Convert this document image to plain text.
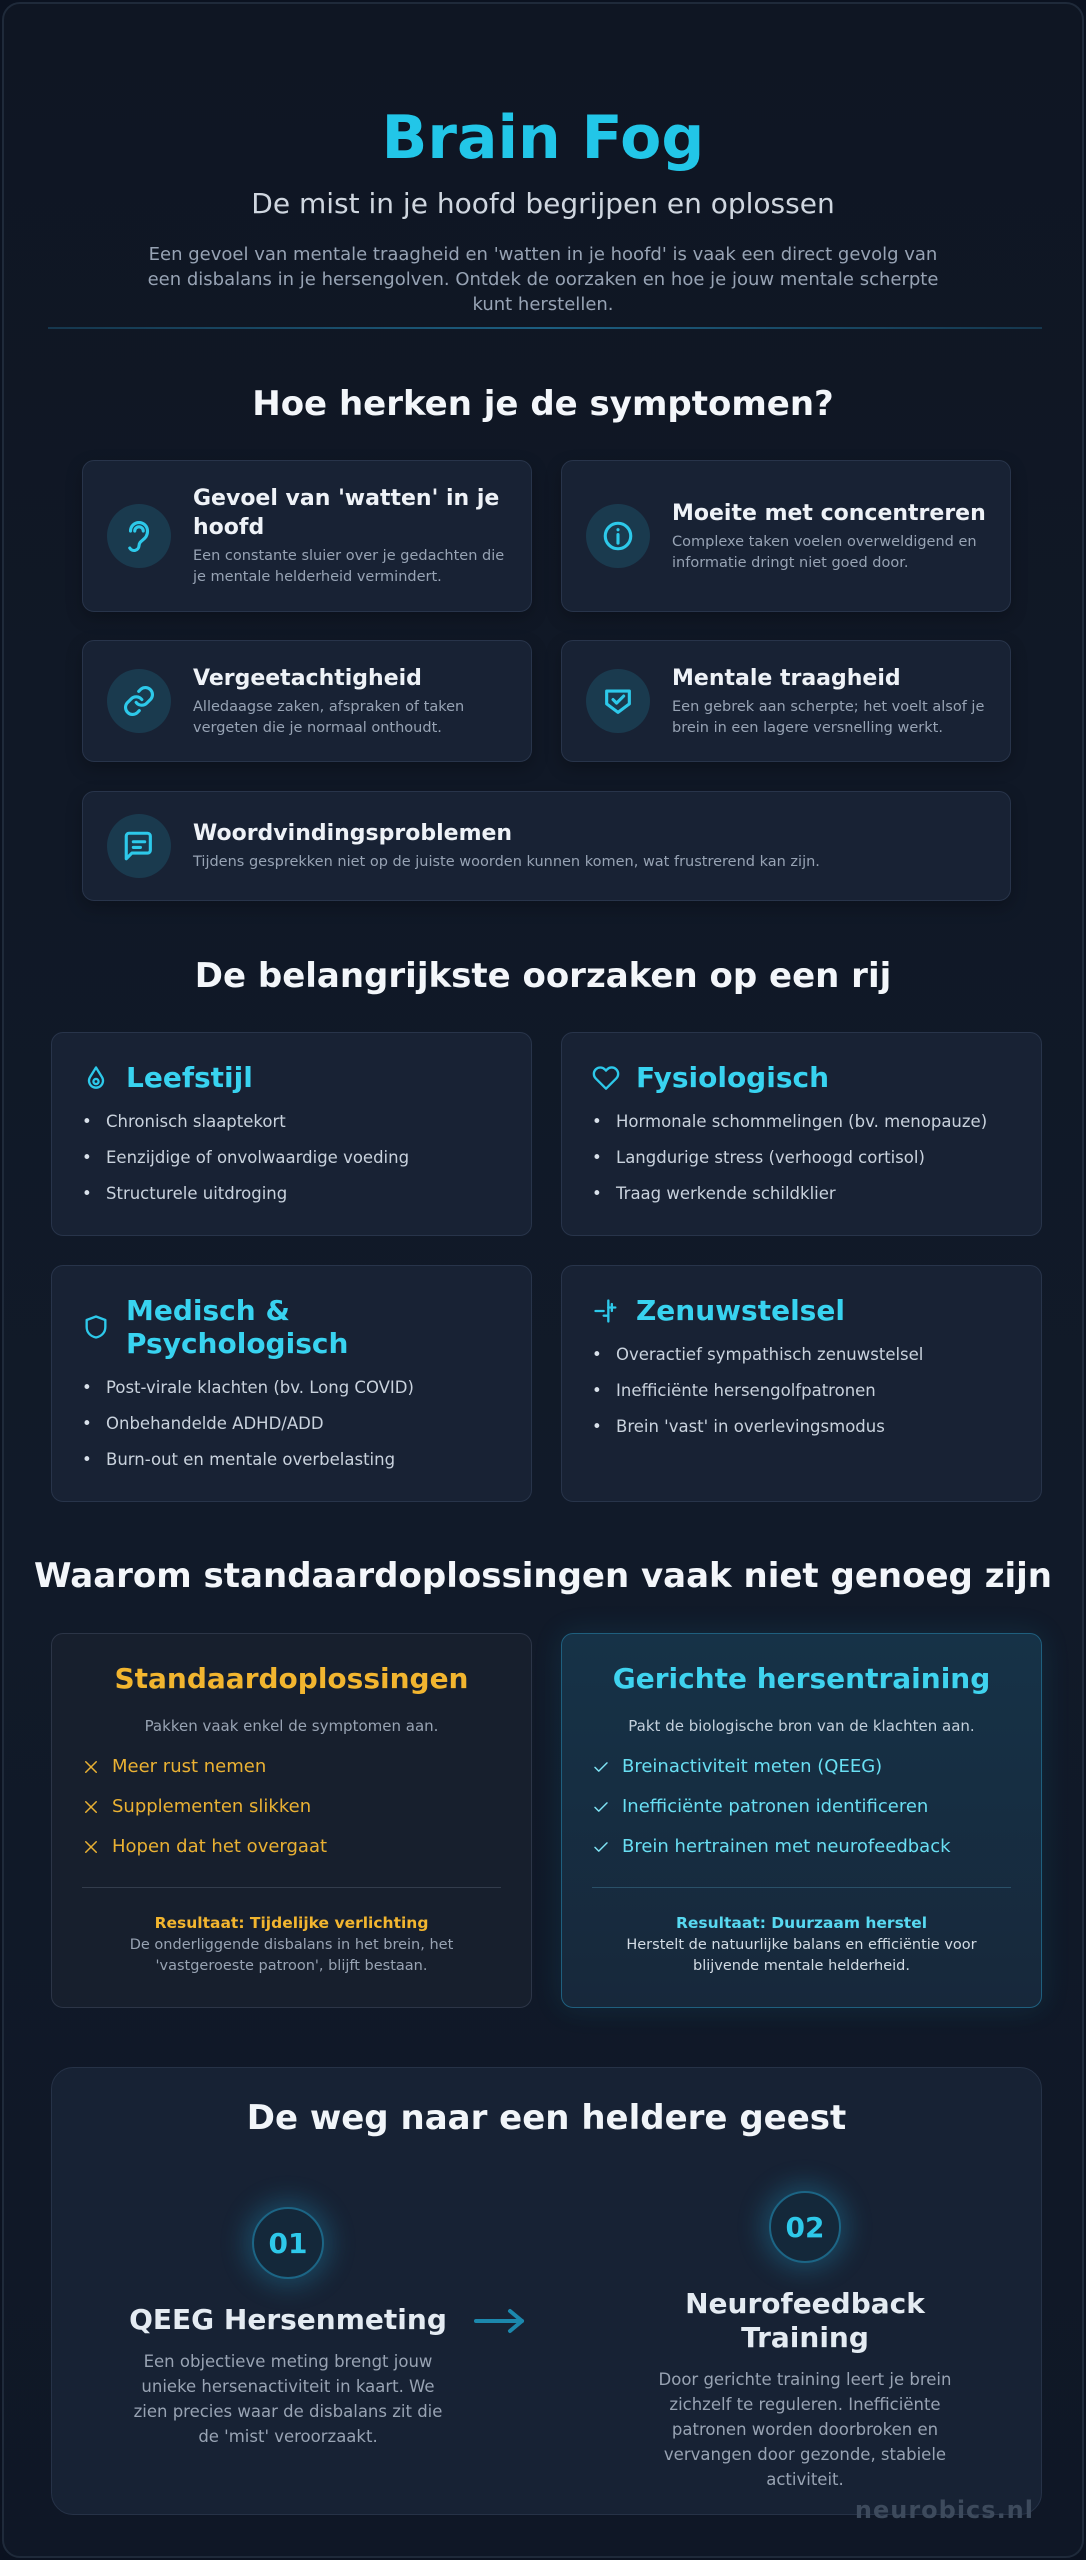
Brain Fog
De mist in je hoofd begrijpen en oplossen

Een gevoel van mentale traagheid en 'watten in je hoofd' is vaak een direct gevolg van een disbalans in je hersengolven. Ontdek de oorzaken en hoe je jouw mentale scherpte kunt herstellen.

Hoe herken je de symptomen?
Gevoel van 'watten' in je hoofd

Een constante sluier over je gedachten die je mentale helderheid vermindert.

Moeite met concentreren

Complexe taken voelen overweldigend en informatie dringt niet goed door.

Vergeetachtigheid

Alledaagse zaken, afspraken of taken vergeten die je normaal onthoudt.

Mentale traagheid

Een gebrek aan scherpte; het voelt alsof je brein in een lagere versnelling werkt.

Woordvindingsproblemen

Tijdens gesprekken niet op de juiste woorden kunnen komen, wat frustrerend kan zijn.

De belangrijkste oorzaken op een rij
Leefstijl
• Chronisch slaaptekort
• Eenzijdige of onvolwaardige voeding
• Structurele uitdroging
Fysiologisch
• Hormonale schommelingen (bv. menopauze)
• Langdurige stress (verhoogd cortisol)
• Traag werkende schildklier
Medisch & Psychologisch
• Post-virale klachten (bv. Long COVID)
• Onbehandelde ADHD/ADD
• Burn-out en mentale overbelasting
Zenuwstelsel
• Overactief sympathisch zenuwstelsel
• Inefficiënte hersengolfpatronen
• Brein 'vast' in overlevingsmodus
Waarom standaardoplossingen vaak niet genoeg zijn
Standaardoplossingen
Pakken vaak enkel de symptomen aan.
Meer rust nemen
Supplementen slikken
Hopen dat het overgaat
Resultaat: Tijdelijke verlichting
De onderliggende disbalans in het brein, het 'vastgeroeste patroon', blijft bestaan.
Gerichte hersentraining
Pakt de biologische bron van de klachten aan.
Breinactiviteit meten (QEEG)
Inefficiënte patronen identificeren
Brein hertrainen met neurofeedback
Resultaat: Duurzaam herstel
Herstelt de natuurlijke balans en efficiëntie voor blijvende mentale helderheid.
De weg naar een heldere geest
01
QEEG Hersenmeting

Een objectieve meting brengt jouw unieke hersenactiviteit in kaart. We zien precies waar de disbalans zit die de 'mist' veroorzaakt.

02
Neurofeedback Training

Door gerichte training leert je brein zichzelf te reguleren. Inefficiënte patronen worden doorbroken en vervangen door gezonde, stabiele activiteit.

neurobics.nl
